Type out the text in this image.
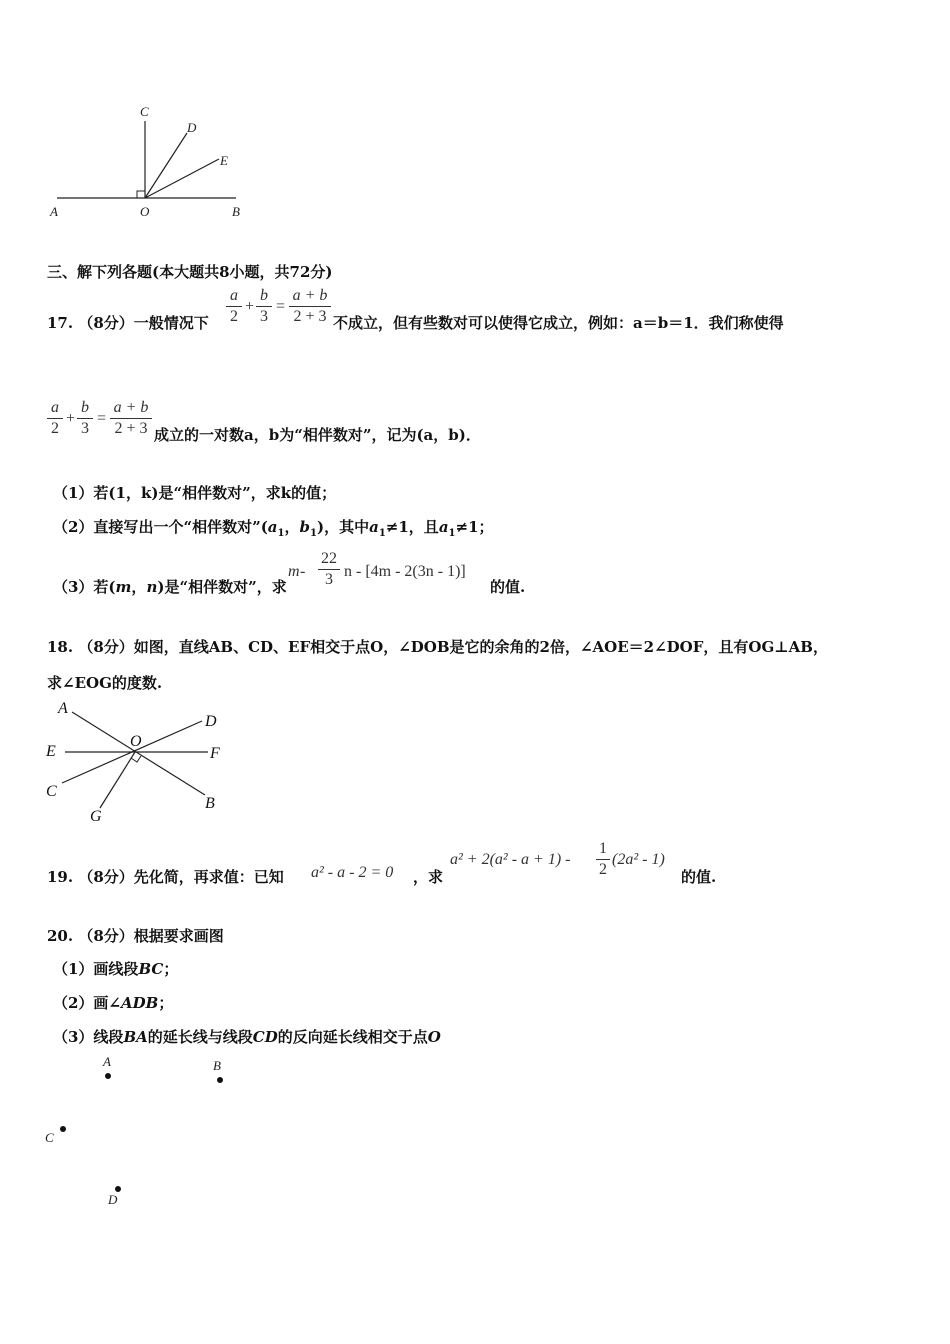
C
D
E
A	O	B
三、解下列各题(本大题共8小题，共72分)
17. （8分）一般情况下
a
2
+
b
3
=
a + b
2 + 3 不成立，但有些数对可以使得它成立，例如：a＝b＝1．我们称使得
a
2
+
b
3
=
a + b
2 + 3 成立的一对数a，b为“相伴数对”，记为(a，b)．
（1）若(1，k)是“相伴数对”，求k的值；
（2）直接写出一个“相伴数对$”(a_1$，$b_1$)，其中$a_1\ne 1$，且$a_1\ne 1$；
（3）若(m，n)是“相伴数对”，求
m -
22
3 n - [4m - 2(3n - 1)]
的值.
18. （8分）如图，直线AB、CD、EF相交于点O，∠DOB是它的余角的2倍，∠AOE＝2∠DOF，且有OG⊥AB，
求∠EOG的度数.
A
D
E
O
F
C
B
G
19. （8分）先化简，再求值：已知 a² - a - 2 = 0 ，求
a² + 2(a² - a + 1) -
1
2
(2a² - 1)
的值.
20. （8分）根据要求画图
（1）画线段BC；
（2）画∠ADB；
（3）线段BA的延长线与线段CD的反向延长线相交于点O
A	B
C
D
